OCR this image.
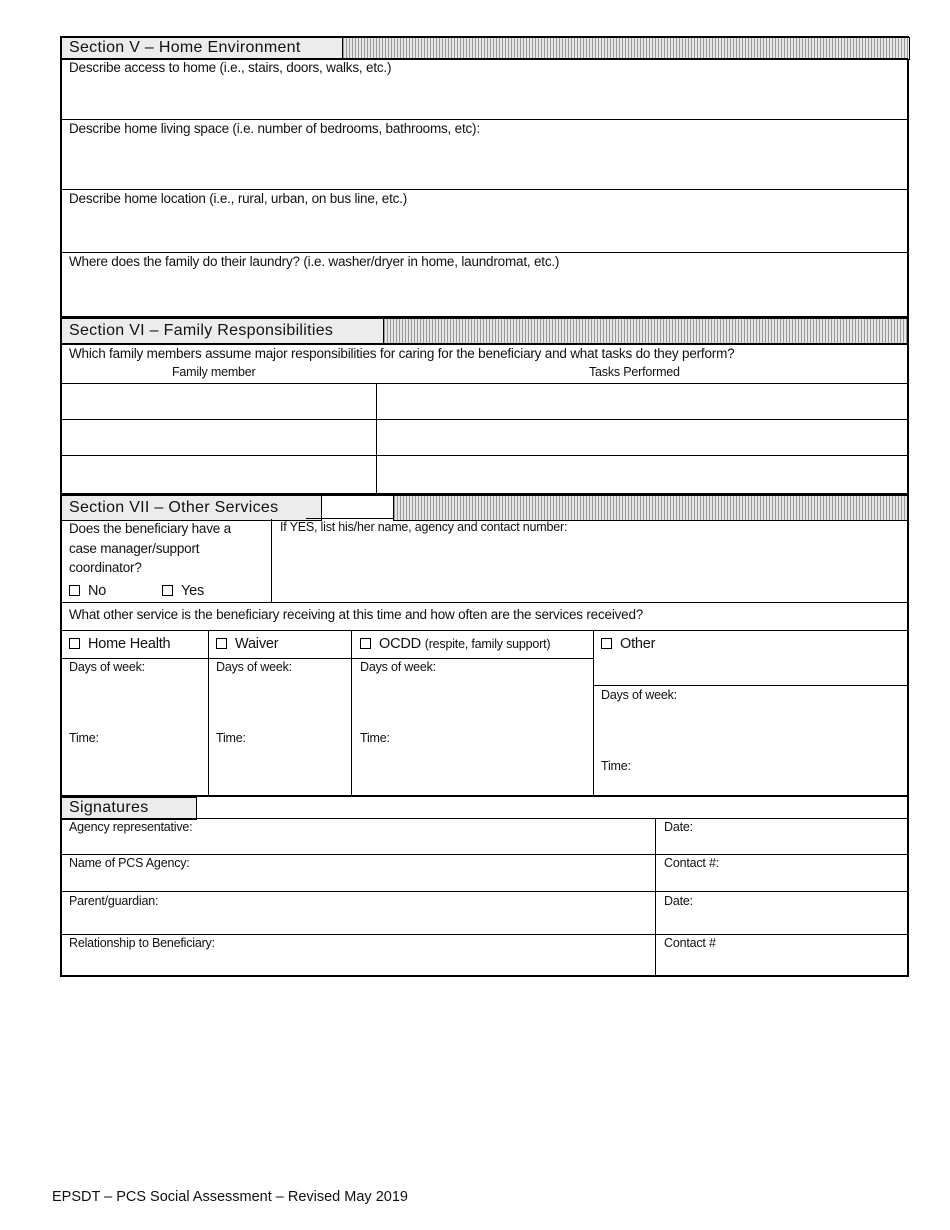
Section V – Home Environment
Describe access to home (i.e., stairs, doors, walks, etc.)
Describe home living space (i.e. number of bedrooms, bathrooms, etc):
Describe home location (i.e., rural, urban, on bus line, etc.)
Where does the family do their laundry? (i.e. washer/dryer in home, laundromat, etc.)
Section VI – Family Responsibilities
Which family members assume major responsibilities for caring for the beneficiary and what tasks do they perform?
Family member	Tasks Performed
Section VII – Other Services
Does the beneficiary have a
case manager/support
coordinator?
No	Yes
If YES, list his/her name, agency and contact number:
What other service is the beneficiary receiving at this time and how often are the services received?
Home Health	Waiver	OCDD (respite, family support)	Other
Days of week:	Days of week:	Days of week:
Days of week:
Time:	Time:	Time:
Time:
Signatures
Agency representative:	Date:
Name of PCS Agency:	Contact #:
Parent/guardian:	Date:
Relationship to Beneficiary:	Contact #
EPSDT – PCS Social Assessment – Revised May 2019
